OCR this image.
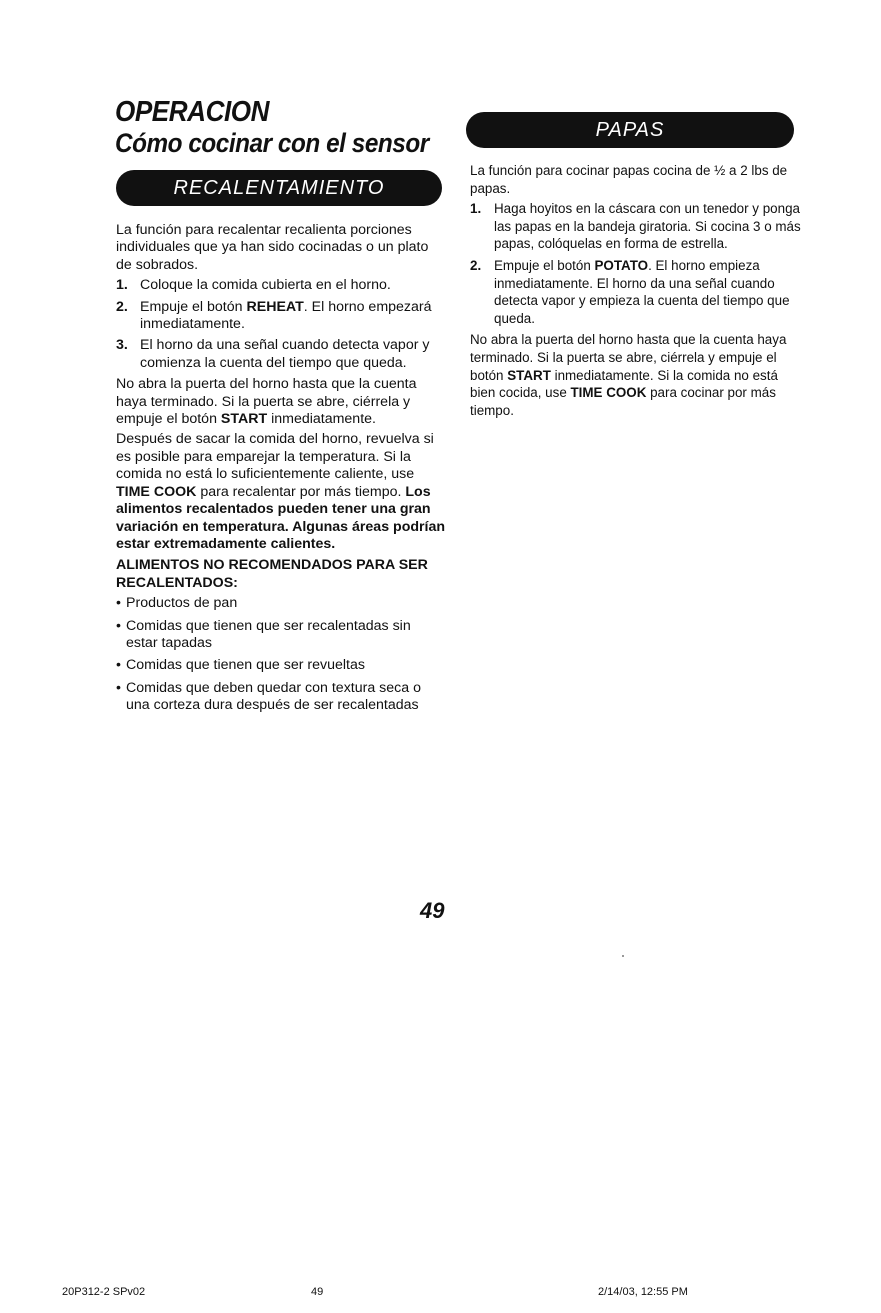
OPERACION
Cómo cocinar con el sensor
RECALENTAMIENTO
PAPAS

La función para recalentar recalienta porciones individuales que ya han sido cocinadas o un plato de sobrados.

1. Coloque la comida cubierta en el horno.
2. Empuje el botón REHEAT. El horno empezará inmediatamente.
3. El horno da una señal cuando detecta vapor y comienza la cuenta del tiempo que queda.

No abra la puerta del horno hasta que la cuenta haya terminado. Si la puerta se abre, ciérrela y empuje el botón START inmediatamente.

Después de sacar la comida del horno, revuelva si es posible para emparejar la temperatura. Si la comida no está lo suficientemente caliente, use TIME COOK para recalentar por más tiempo. Los alimentos recalentados pueden tener una gran variación en temperatura. Algunas áreas podrían estar extremadamente calientes.

ALIMENTOS NO RECOMENDADOS PARA SER RECALENTADOS:
• Productos de pan
• Comidas que tienen que ser recalentadas sin estar tapadas
• Comidas que tienen que ser revueltas
• Comidas que deben quedar con textura seca o una corteza dura después de ser recalentadas

La función para cocinar papas cocina de ½ a 2 lbs de papas.

1. Haga hoyitos en la cáscara con un tenedor y ponga las papas en la bandeja giratoria. Si cocina 3 o más papas, colóquelas en forma de estrella.
2. Empuje el botón POTATO. El horno empieza inmediatamente. El horno da una señal cuando detecta vapor y empieza la cuenta del tiempo que queda.

No abra la puerta del horno hasta que la cuenta haya terminado. Si la puerta se abre, ciérrela y empuje el botón START inmediatamente. Si la comida no está bien cocida, use TIME COOK para cocinar por más tiempo.

49
20P312-2 SPv02	49	2/14/03, 12:55 PM
